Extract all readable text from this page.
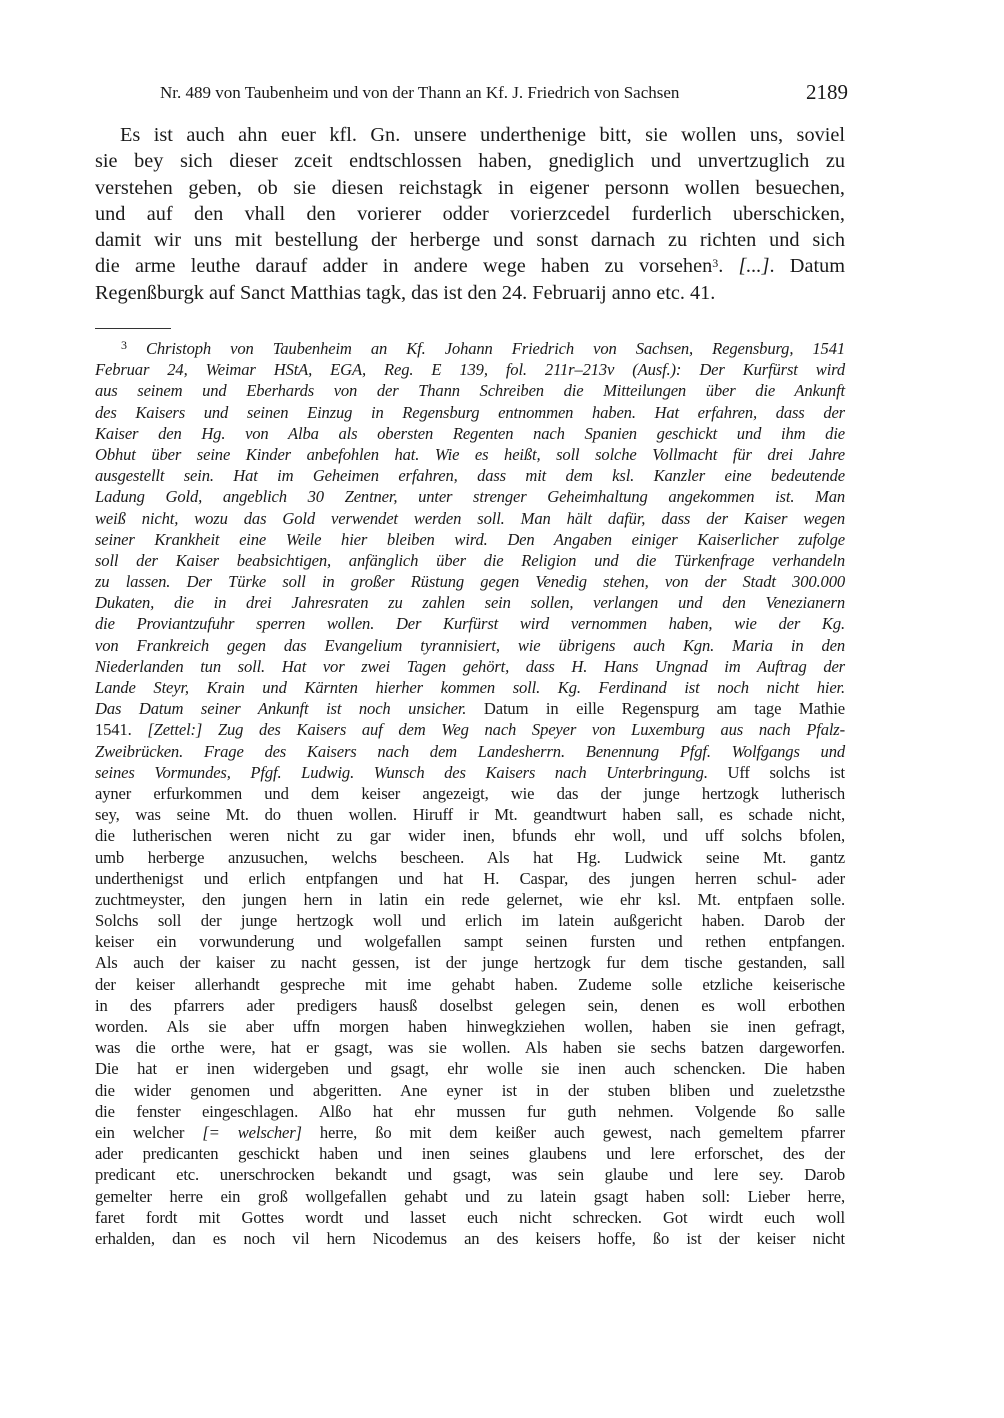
Nr. 489 von Taubenheim und von der Thann an Kf. J. Friedrich von Sachsen	2189
Es ist auch ahn euer kfl. Gn. unsere underthenige bitt, sie wollen uns, soviel
sie bey sich dieser zceit endtschlossen haben, gnediglich und unvertzuglich zu
verstehen geben, ob sie diesen reichstagk in eigener personn wollen besuechen,
und auf den vhall den vorierer odder vorierzcedel furderlich uberschicken,
damit wir uns mit bestellung der herberge und sonst darnach zu richten und sich
die arme leuthe darauf adder in andere wege haben zu vorsehen$^3$. [...]. Datum
Regenßburgk auf Sanct Matthias tagk, das ist den 24. Februarij anno etc. 41.
$^3$ Christoph von Taubenheim an Kf. Johann Friedrich von Sachsen, Regensburg, 1541
Februar 24, Weimar HStA, EGA, Reg. E 139, fol. 211r–213v (Ausf.): Der Kurfürst wird
aus seinem und Eberhards von der Thann Schreiben die Mitteilungen über die Ankunft
des Kaisers und seinen Einzug in Regensburg entnommen haben. Hat erfahren, dass der
Kaiser den Hg. von Alba als obersten Regenten nach Spanien geschickt und ihm die
Obhut über seine Kinder anbefohlen hat. Wie es heißt, soll solche Vollmacht für drei Jahre
ausgestellt sein. Hat im Geheimen erfahren, dass mit dem ksl. Kanzler eine bedeutende
Ladung Gold, angeblich 30 Zentner, unter strenger Geheimhaltung angekommen ist. Man
weiß nicht, wozu das Gold verwendet werden soll. Man hält dafür, dass der Kaiser wegen
seiner Krankheit eine Weile hier bleiben wird. Den Angaben einiger Kaiserlicher zufolge
soll der Kaiser beabsichtigen, anfänglich über die Religion und die Türkenfrage verhandeln
zu lassen. Der Türke soll in großer Rüstung gegen Venedig stehen, von der Stadt 300.000
Dukaten, die in drei Jahresraten zu zahlen sein sollen, verlangen und den Venezianern
die Proviantzufuhr sperren wollen. Der Kurfürst wird vernommen haben, wie der Kg.
von Frankreich gegen das Evangelium tyrannisiert, wie übrigens auch Kgn. Maria in den
Niederlanden tun soll. Hat vor zwei Tagen gehört, dass H. Hans Ungnad im Auftrag der
Lande Steyr, Krain und Kärnten hierher kommen soll. Kg. Ferdinand ist noch nicht hier.
Das Datum seiner Ankunft ist noch unsicher. Datum in eille Regenspurg am tage Mathie
1541. [Zettel:] Zug des Kaisers auf dem Weg nach Speyer von Luxemburg aus nach Pfalz-
Zweibrücken. Frage des Kaisers nach dem Landesherrn. Benennung Pfgf. Wolfgangs und
seines Vormundes, Pfgf. Ludwig. Wunsch des Kaisers nach Unterbringung. Uff solchs ist
ayner erfurkommen und dem keiser angezeigt, wie das der junge hertzogk lutherisch
sey, was seine Mt. do thuen wollen. Hiruff ir Mt. geandtwurt haben sall, es schade nicht,
die lutherischen weren nicht zu gar wider inen, bfunds ehr woll, und uff solchs bfolen,
umb herberge anzusuchen, welchs bescheen. Als hat Hg. Ludwick seine Mt. gantz
underthenigst und erlich entpfangen und hat H. Caspar, des jungen herren schul- ader
zuchtmeyster, den jungen hern in latin ein rede gelernet, wie ehr ksl. Mt. entpfaen solle.
Solchs soll der junge hertzogk woll und erlich im latein außgericht haben. Darob der
keiser ein vorwunderung und wolgefallen sampt seinen fursten und rethen entpfangen.
Als auch der kaiser zu nacht gessen, ist der junge hertzogk fur dem tische gestanden, sall
der keiser allerhandt gespreche mit ime gehabt haben. Zudeme solle etzliche keiserische
in des pfarrers ader predigers hausß doselbst gelegen sein, denen es woll erbothen
worden. Als sie aber uffn morgen haben hinwegkziehen wollen, haben sie inen gefragt,
was die orthe were, hat er gsagt, was sie wollen. Als haben sie sechs batzen dargeworfen.
Die hat er inen widergeben und gsagt, ehr wolle sie inen auch schencken. Die haben
die wider genomen und abgeritten. Ane eyner ist in der stuben bliben und zueletzsthe
die fenster eingeschlagen. Alßo hat ehr mussen fur guth nehmen. Volgende ßo salle
ein welcher [= welscher] herre, ßo mit dem keißer auch gewest, nach gemeltem pfarrer
ader predicanten geschickt haben und inen seines glaubens und lere erforschet, des der
predicant etc. unerschrocken bekandt und gsagt, was sein glaube und lere sey. Darob
gemelter herre ein groß wollgefallen gehabt und zu latein gsagt haben soll: Lieber herre,
faret fordt mit Gottes wordt und lasset euch nicht schrecken. Got wirdt euch woll
erhalden, dan es noch vil hern Nicodemus an des keisers hoffe, ßo ist der keiser nicht
